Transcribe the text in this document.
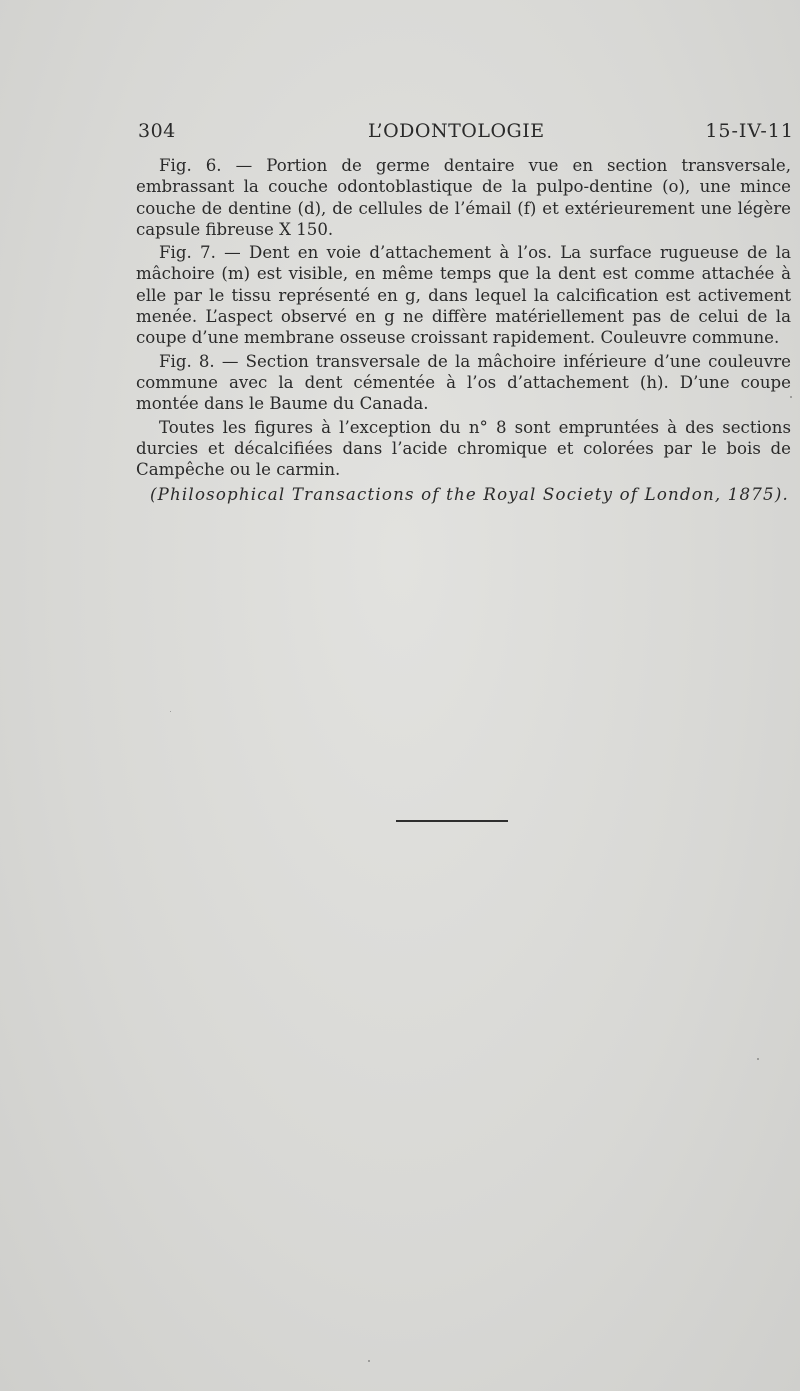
304	L’ODONTOLOGIE	15-IV-11

Fig. 6. — Portion de germe dentaire vue en section transversale, embrassant la couche odontoblastique de la pulpo-dentine (o), une mince couche de dentine (d), de cellules de l’émail (f) et extérieurement une légère capsule fibreuse X 150.

Fig. 7. — Dent en voie d’attachement à l’os. La surface rugueuse de la mâchoire (m) est visible, en même temps que la dent est comme attachée à elle par le tissu représenté en g, dans lequel la calcification est activement menée. L’aspect observé en g ne diffère matériellement pas de celui de la coupe d’une membrane osseuse croissant rapidement. Couleuvre commune.

Fig. 8. — Section transversale de la mâchoire inférieure d’une couleuvre commune avec la dent cémentée à l’os d’attachement (h). D’une coupe montée dans le Baume du Canada.

Toutes les figures à l’exception du n° 8 sont empruntées à des sections durcies et décalcifiées dans l’acide chromique et colorées par le bois de Campêche ou le carmin.

(Philosophical Transactions of the Royal Society of London, 1875).
